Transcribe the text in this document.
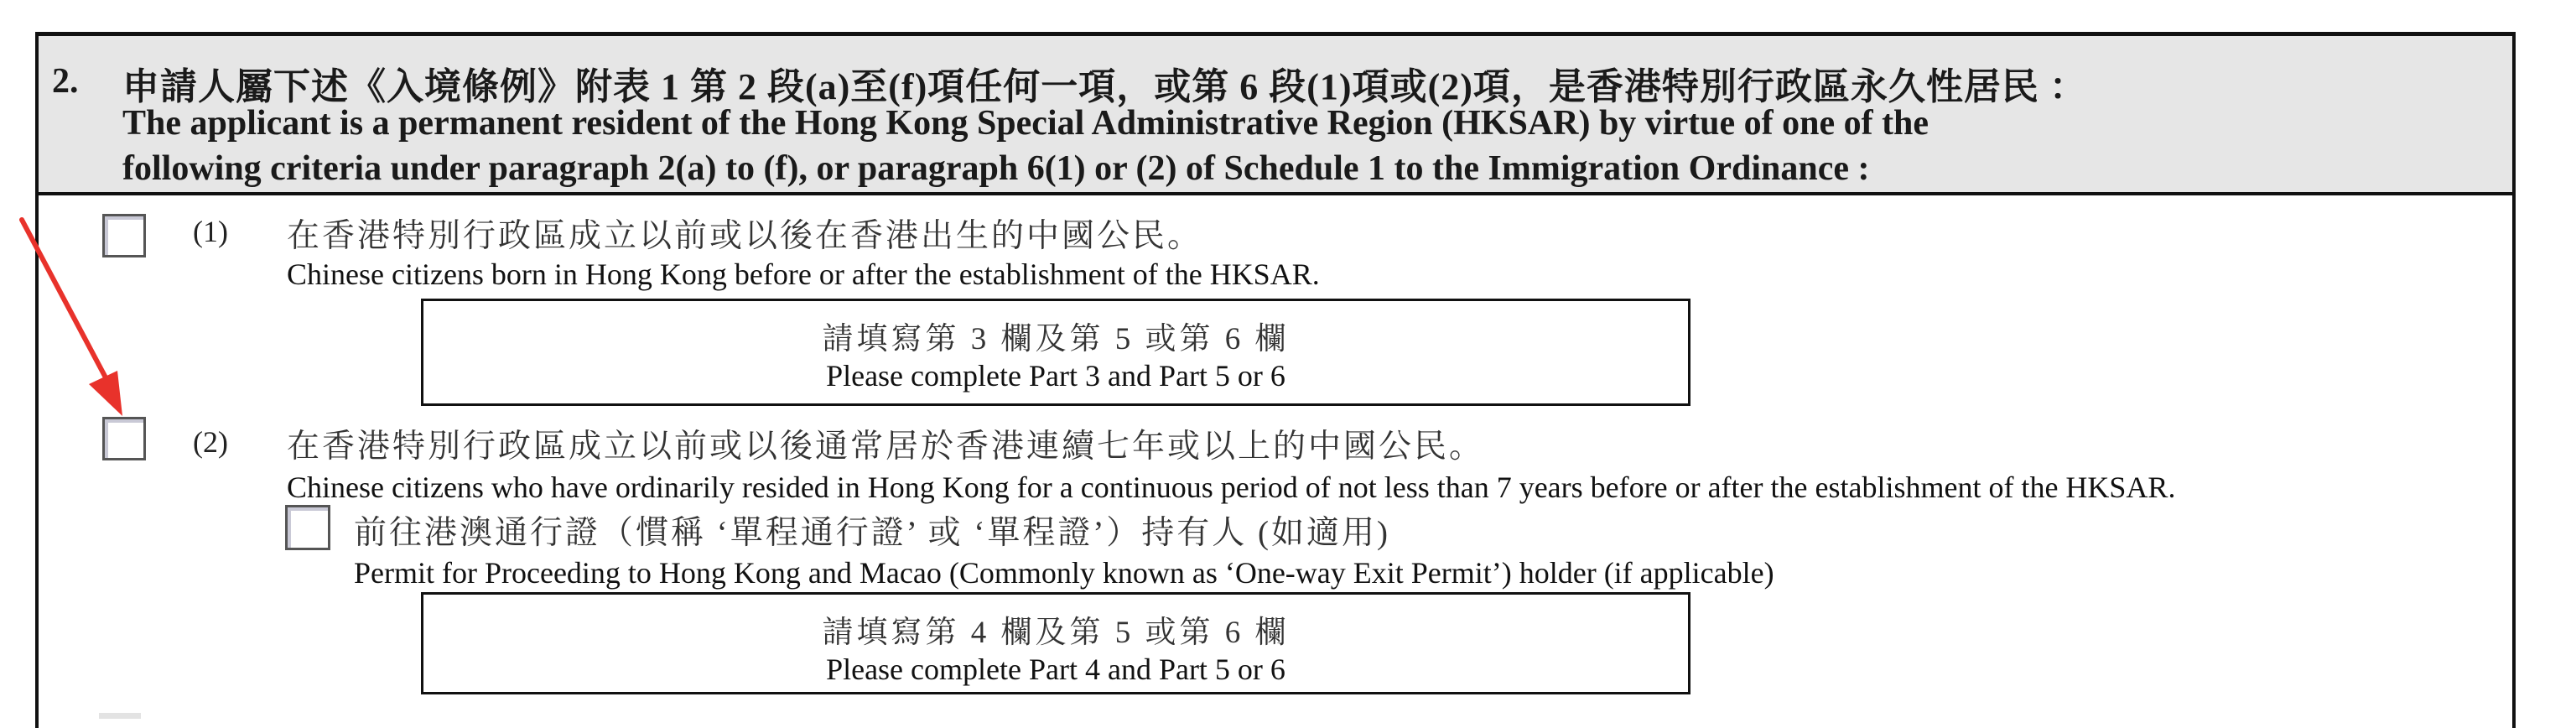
2. 申請人屬下述《入境條例》附表 1 第 2 段(a)至(f)項任何一項，或第 6 段(1)項或(2)項，是香港特別行政區永久性居民 ：
The applicant is a permanent resident of the Hong Kong Special Administrative Region (HKSAR) by virtue of one of the
following criteria under paragraph 2(a) to (f), or paragraph 6(1) or (2) of Schedule 1 to the Immigration Ordinance :
(1) 在香港特別行政區成立以前或以後在香港出生的中國公民。
Chinese citizens born in Hong Kong before or after the establishment of the HKSAR.
請填寫第 3 欄及第 5 或第 6 欄
Please complete Part 3 and Part 5 or 6
(2) 在香港特別行政區成立以前或以後通常居於香港連續七年或以上的中國公民。
Chinese citizens who have ordinarily resided in Hong Kong for a continuous period of not less than 7 years before or after the establishment of the HKSAR.
前往港澳通行證（慣稱 ‘單程通行證’ 或 ‘單程證’）持有人 (如適用)
Permit for Proceeding to Hong Kong and Macao (Commonly known as ‘One-way Exit Permit’) holder (if applicable)
請填寫第 4 欄及第 5 或第 6 欄
Please complete Part 4 and Part 5 or 6
